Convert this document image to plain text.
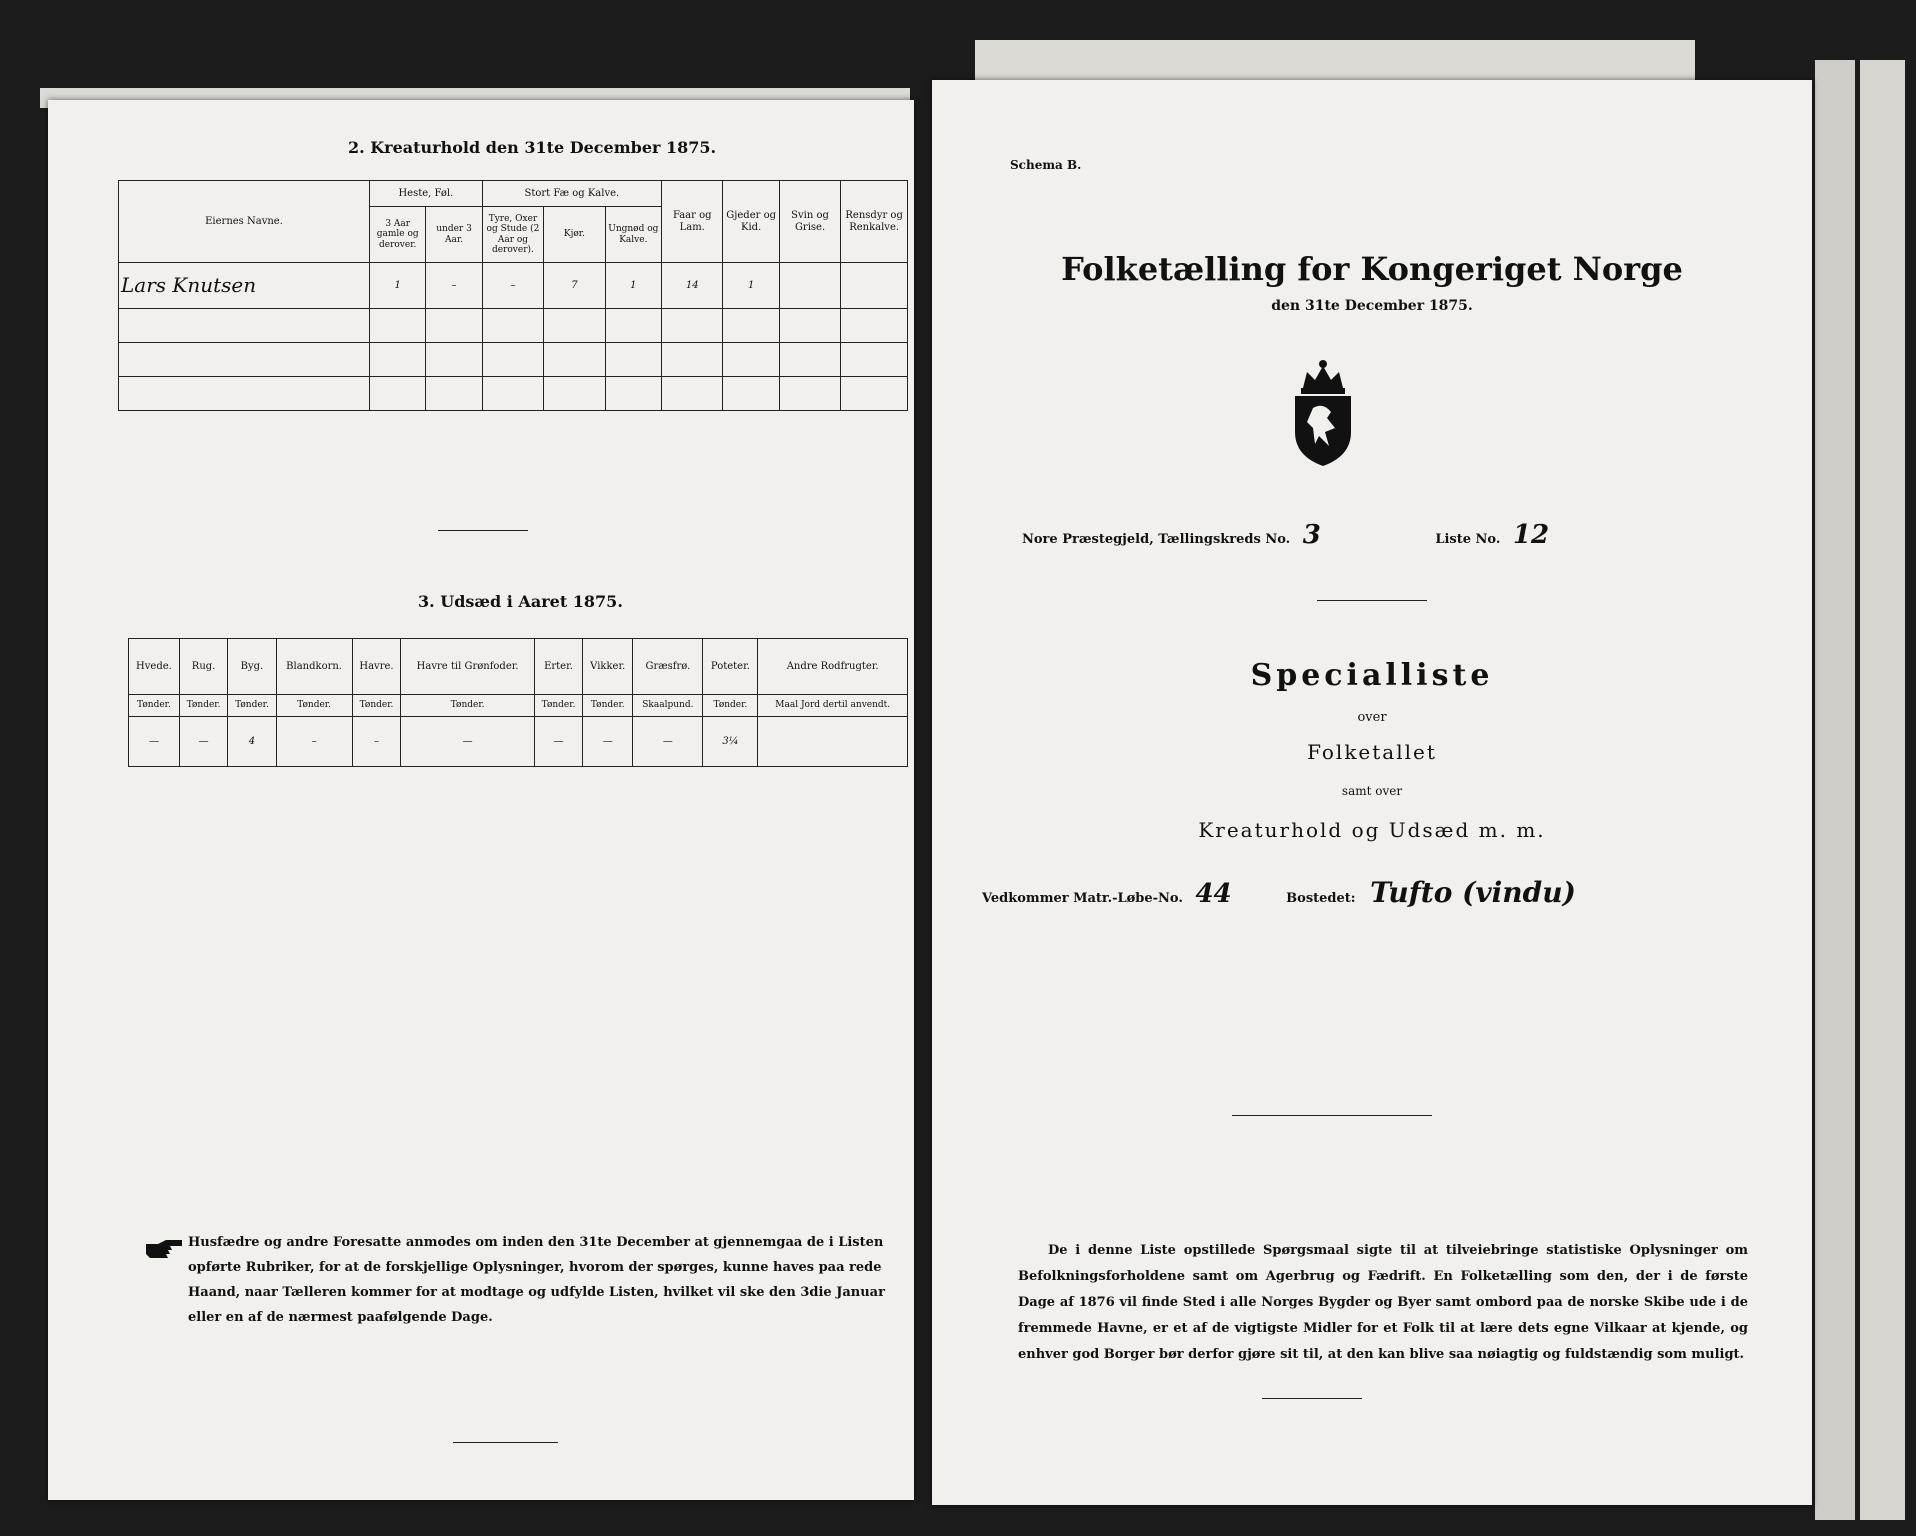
2. Kreaturhold den 31te December 1875.
Eiernes Navne.	Heste, Føl.		Stort Fæ og Kalve.			Faar og Lam.	Gjeder og Kid.	Svin og Grise.	Rensdyr og Renkalve.
	3 Aar gamle og derover.	under 3 Aar.	Tyre, Oxer og Stude (2 Aar og derover).	Kjør.	Ungnød og Kalve.				
Lars Knutsen	1	–	–	7	1	14	1		

3. Udsæd i Aaret 1875.
Hvede.	Rug.	Byg.	Blandkorn.	Havre.	Havre til Grønfoder.	Erter.	Vikker.	Græsfrø.	Poteter.	Andre Rodfrugter.
Tønder.	Tønder.	Tønder.	Tønder.	Tønder.	Tønder.	Tønder.	Tønder.	Skaalpund.	Tønder.	Maal Jord dertil anvendt.
—	—	4	–	–	—	—	—	—	3¼	
Husfædre og andre Foresatte anmodes om inden den 31te December at gjennemgaa de i Listen opførte Rubriker, for at de forskjellige Oplysninger, hvorom der spørges, kunne haves paa rede Haand, naar Tælleren kommer for at modtage og udfylde Listen, hvilket vil ske den 3die Januar eller en af de nærmest paafølgende Dage.
Schema B.
Folketælling for Kongeriget Norge
den 31te December 1875.
Nore Præstegjeld, Tællingskreds No. 3	Liste No. 12
Specialliste
over
Folketallet
samt over
Kreaturhold og Udsæd m. m.
Vedkommer Matr.-Løbe-No. 44	Bostedet: Tufto (vindu)
De i denne Liste opstillede Spørgsmaal sigte til at tilveiebringe statistiske Oplysninger om Befolkningsforholdene samt om Agerbrug og Fædrift. En Folketælling som den, der i de første Dage af 1876 vil finde Sted i alle Norges Bygder og Byer samt ombord paa de norske Skibe ude i de fremmede Havne, er et af de vigtigste Midler for et Folk til at lære dets egne Vilkaar at kjende, og enhver god Borger bør derfor gjøre sit til, at den kan blive saa nøiagtig og fuldstændig som muligt.
